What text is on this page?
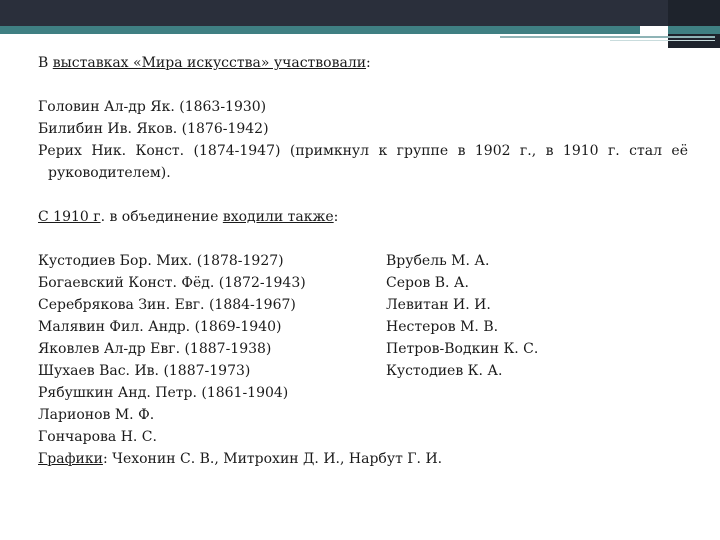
В выставках «Мира искусства» участвовали:
Головин Ал-др Як. (1863-1930)
Билибин Ив. Яков. (1876-1942)
Рерих Ник. Конст. (1874-1947) (примкнул к группе в 1902 г., в 1910 г. стал её
руководителем).
С 1910 г. в объединение входили также:
Кустодиев Бор. Мих. (1878-1927)	Врубель М. А.
Богаевский Конст. Фёд. (1872-1943)	Серов В. А.
Серебрякова Зин. Евг. (1884-1967)	Левитан И. И.
Малявин Фил. Андр. (1869-1940)	Нестеров М. В.
Яковлев Ал-др Евг. (1887-1938)	Петров-Водкин К. С.
Шухаев Вас. Ив. (1887-1973)	Кустодиев К. А.
Рябушкин Анд. Петр. (1861-1904)
Ларионов М. Ф.
Гончарова Н. С.
Графики: Чехонин С. В., Митрохин Д. И., Нарбут Г. И.
